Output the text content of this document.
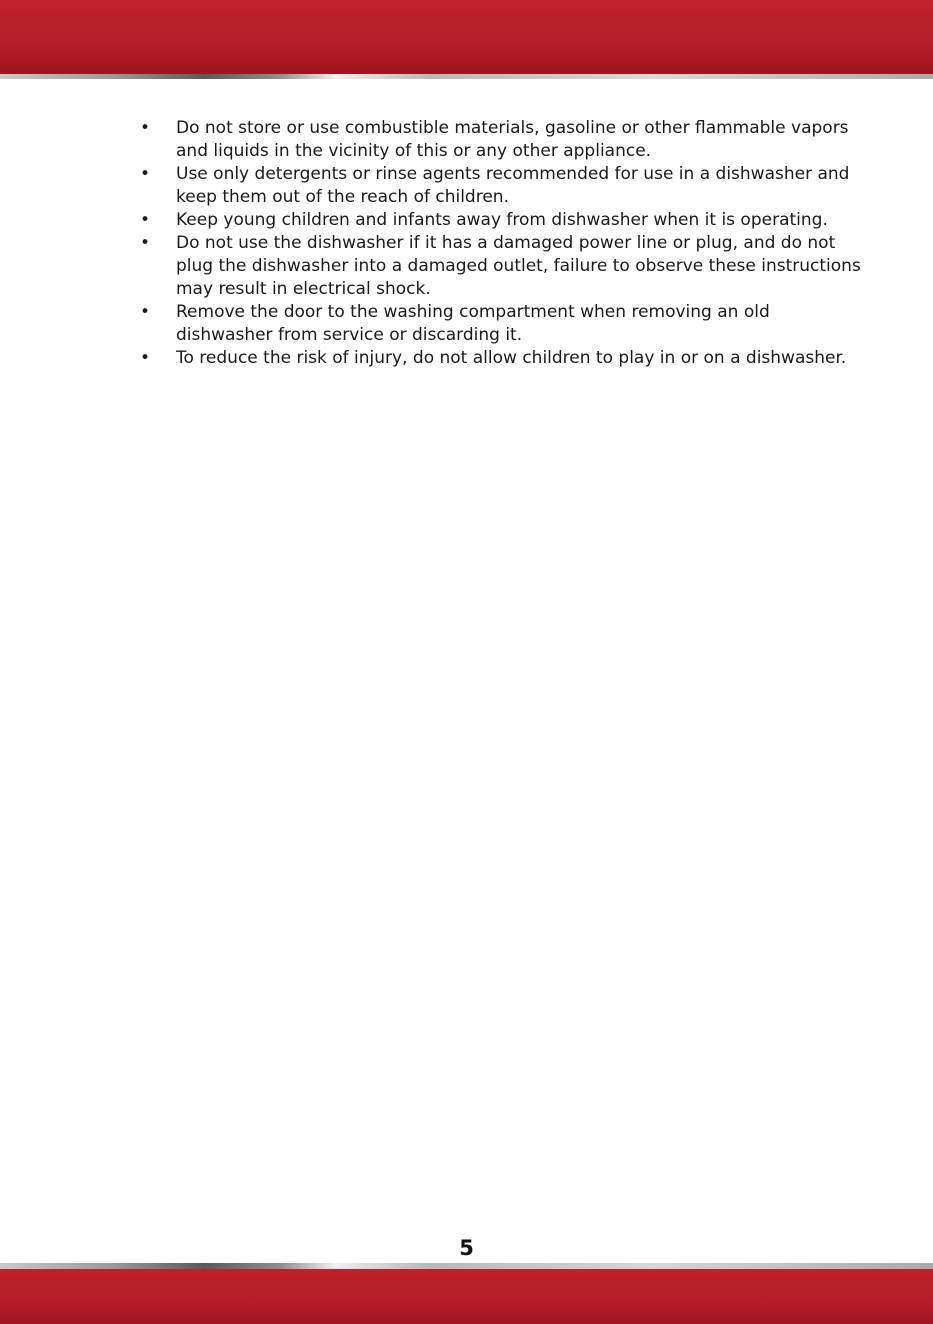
• Do not store or use combustible materials, gasoline or other flammable vapors and liquids in the vicinity of this or any other appliance.
• Use only detergents or rinse agents recommended for use in a dishwasher and keep them out of the reach of children.
• Keep young children and infants away from dishwasher when it is operating.
• Do not use the dishwasher if it has a damaged power line or plug, and do not plug the dishwasher into a damaged outlet, failure to observe these instructions may result in electrical shock.
• Remove the door to the washing compartment when removing an old dishwasher from service or discarding it.
• To reduce the risk of injury, do not allow children to play in or on a dishwasher.
5
